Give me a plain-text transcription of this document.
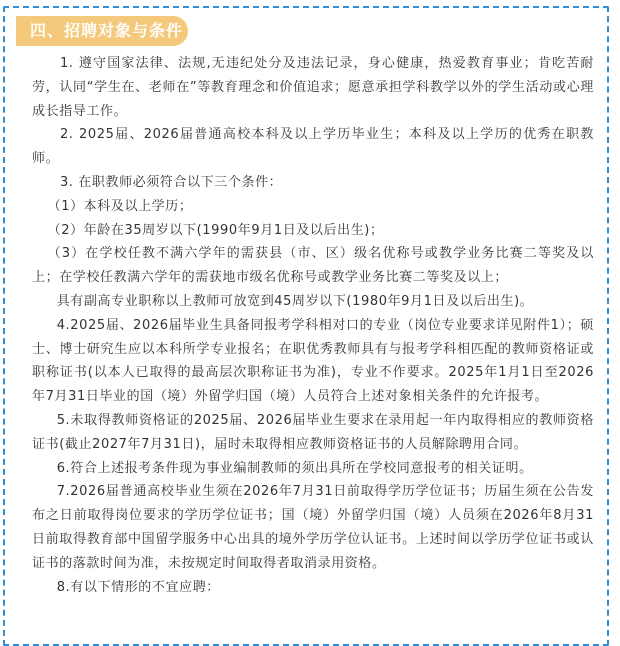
四、招聘对象与条件

1. 遵守国家法律、法规,无违纪处分及违法记录，身心健康，热爱教育事业；肯吃苦耐劳，认同“学生在、老师在”等教育理念和价值追求；愿意承担学科教学以外的学生活动或心理成长指导工作。

2. 2025届、2026届普通高校本科及以上学历毕业生；本科及以上学历的优秀在职教师。

3. 在职教师必须符合以下三个条件：

（1）本科及以上学历；

（2）年龄在35周岁以下(1990年9月1日及以后出生)；

（3）在学校任教不满六学年的需获县（市、区）级名优称号或教学业务比赛二等奖及以上；在学校任教满六学年的需获地市级名优称号或教学业务比赛二等奖及以上；

具有副高专业职称以上教师可放宽到45周岁以下(1980年9月1日及以后出生)。

4.2025届、2026届毕业生具备同报考学科相对口的专业（岗位专业要求详见附件1）；硕士、博士研究生应以本科所学专业报名；在职优秀教师具有与报考学科相匹配的教师资格证或职称证书(以本人已取得的最高层次职称证书为准)，专业不作要求。2025年1月1日至2026年7月31日毕业的国（境）外留学归国（境）人员符合上述对象相关条件的允许报考。

5.未取得教师资格证的2025届、2026届毕业生要求在录用起一年内取得相应的教师资格证书(截止2027年7月31日)，届时未取得相应教师资格证书的人员解除聘用合同。

6.符合上述报考条件现为事业编制教师的须出具所在学校同意报考的相关证明。

7.2026届普通高校毕业生须在2026年7月31日前取得学历学位证书；历届生须在公告发布之日前取得岗位要求的学历学位证书；国（境）外留学归国（境）人员须在2026年8月31日前取得教育部中国留学服务中心出具的境外学历学位认证书。上述时间以学历学位证书或认证书的落款时间为准，未按规定时间取得者取消录用资格。

8.有以下情形的不宜应聘：
